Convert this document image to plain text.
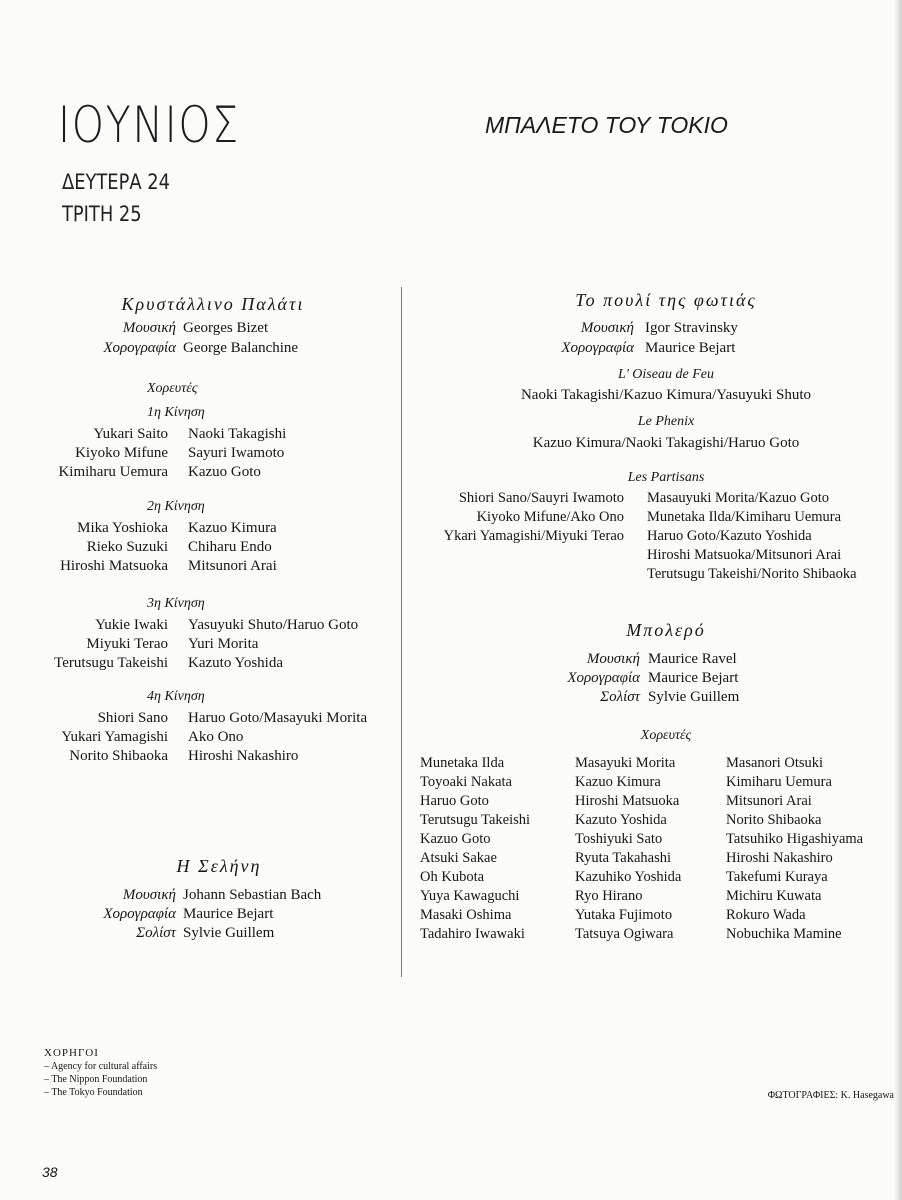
ΙΟΥΝΙΟΣ
ΔΕΥΤΕΡΑ 24
ΤΡΙΤΗ 25
ΜΠΑΛΕΤΟ ΤΟΥ ΤΟΚΙΟ
Κρυστάλλινο Παλάτι
Μουσική Georges Bizet
Χορογραφία George Balanchine
Χορευτές
1η Κίνηση
Yukari Saito Naoki Takagishi
Kiyoko Mifune Sayuri Iwamoto
Kimiharu Uemura Kazuo Goto
2η Κίνηση
Mika Yoshioka Kazuo Kimura
Rieko Suzuki Chiharu Endo
Hiroshi Matsuoka Mitsunori Arai
3η Κίνηση
Yukie Iwaki Yasuyuki Shuto/Haruo Goto
Miyuki Terao Yuri Morita
Terutsugu Takeishi Kazuto Yoshida
4η Κίνηση
Shiori Sano Haruo Goto/Masayuki Morita
Yukari Yamagishi Ako Ono
Norito Shibaoka Hiroshi Nakashiro
Η Σελήνη
Μουσική Johann Sebastian Bach
Χορογραφία Maurice Bejart
Σολίστ Sylvie Guillem
Το πουλί της φωτιάς
Μουσική Igor Stravinsky
Χορογραφία Maurice Bejart
L' Oiseau de Feu
Naoki Takagishi/Kazuo Kimura/Yasuyuki Shuto
Le Phenix
Kazuo Kimura/Naoki Takagishi/Haruo Goto
Les Partisans
Shiori Sano/Sauyri Iwamoto
Kiyoko Mifune/Ako Ono
Ykari Yamagishi/Miyuki Terao
Masauyuki Morita/Kazuo Goto
Munetaka Ilda/Kimiharu Uemura
Haruo Goto/Kazuto Yoshida
Hiroshi Matsuoka/Mitsunori Arai
Terutsugu Takeishi/Norito Shibaoka
Μπολερό
Μουσική Maurice Ravel
Χορογραφία Maurice Bejart
Σολίστ Sylvie Guillem
Χορευτές
Munetaka Ilda
Toyoaki Nakata
Haruo Goto
Terutsugu Takeishi
Kazuo Goto
Atsuki Sakae
Oh Kubota
Yuya Kawaguchi
Masaki Oshima
Tadahiro Iwawaki
Masayuki Morita
Kazuo Kimura
Hiroshi Matsuoka
Kazuto Yoshida
Toshiyuki Sato
Ryuta Takahashi
Kazuhiko Yoshida
Ryo Hirano
Yutaka Fujimoto
Tatsuya Ogiwara
Masanori Otsuki
Kimiharu Uemura
Mitsunori Arai
Norito Shibaoka
Tatsuhiko Higashiyama
Hiroshi Nakashiro
Takefumi Kuraya
Michiru Kuwata
Rokuro Wada
Nobuchika Mamine
ΧΟΡΗΓΟΙ
– Agency for cultural affairs
– The Nippon Foundation
– The Tokyo Foundation	ΦΩΤΟΓΡΑΦΙΕΣ: K. Hasegawa
38
